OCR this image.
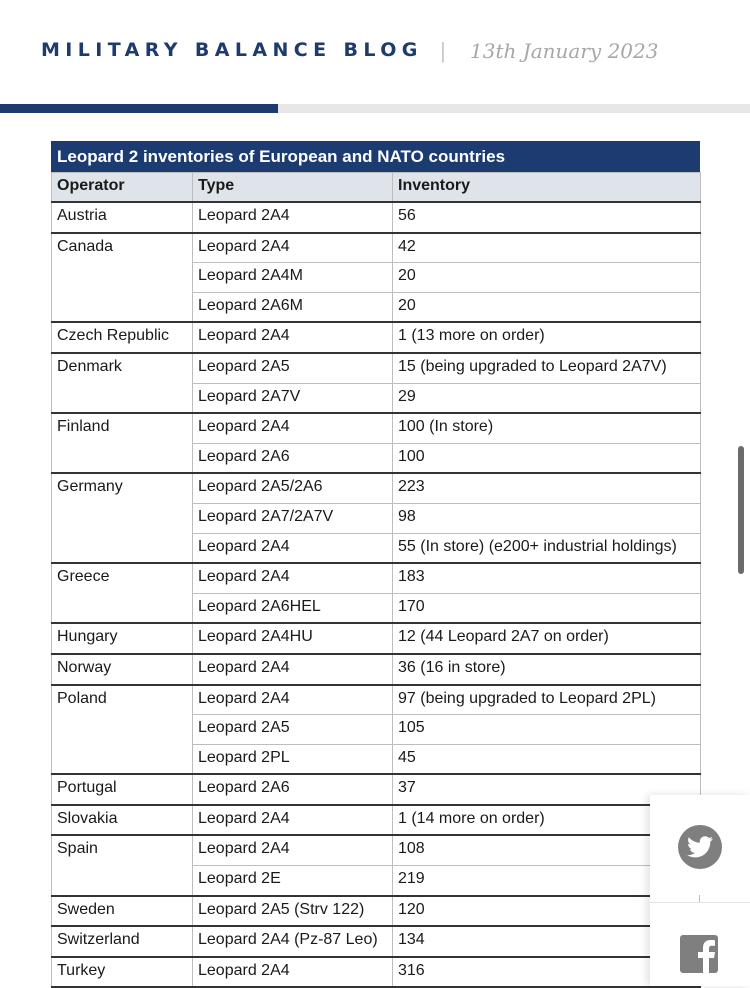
MILITARY BALANCE BLOG | 13th January 2023
Leopard 2 inventories of European and NATO countries
Operator	Type	Inventory
Austria	Leopard 2A4	56
Canada	Leopard 2A4	42
	Leopard 2A4M	20
	Leopard 2A6M	20
Czech Republic	Leopard 2A4	1 (13 more on order)
Denmark	Leopard 2A5	15 (being upgraded to Leopard 2A7V)
	Leopard 2A7V	29
Finland	Leopard 2A4	100 (In store)
	Leopard 2A6	100
Germany	Leopard 2A5/2A6	223
	Leopard 2A7/2A7V	98
	Leopard 2A4	55 (In store) (e200+ industrial holdings)
Greece	Leopard 2A4	183
	Leopard 2A6HEL	170
Hungary	Leopard 2A4HU	12 (44 Leopard 2A7 on order)
Norway	Leopard 2A4	36 (16 in store)
Poland	Leopard 2A4	97 (being upgraded to Leopard 2PL)
	Leopard 2A5	105
	Leopard 2PL	45
Portugal	Leopard 2A6	37
Slovakia	Leopard 2A4	1 (14 more on order)
Spain	Leopard 2A4	108
	Leopard 2E	219
Sweden	Leopard 2A5 (Strv 122)	120
Switzerland	Leopard 2A4 (Pz-87 Leo)	134
Turkey	Leopard 2A4	316
